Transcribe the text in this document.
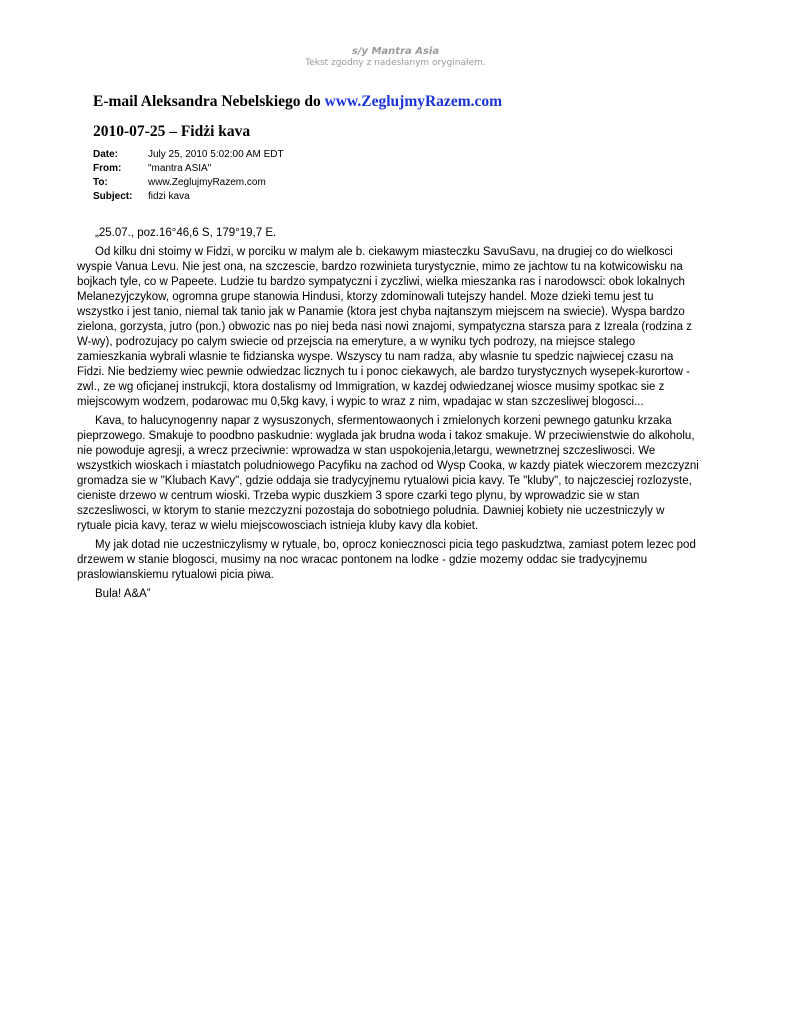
s/y Mantra Asia
Tekst zgodny z nadesłanym oryginałem.
E-mail Aleksandra Nebelskiego do www.ZeglujmyRazem.com
2010-07-25 – Fidżi kava
Date:	July 25, 2010 5:02:00 AM EDT
From:	"mantra ASIA"
To:	www.ZeglujmyRazem.com
Subject:	fidzi kava

„25.07., poz.16°46,6 S, 179°19,7 E.

Od kilku dni stoimy w Fidzi, w porciku w malym ale b. ciekawym miasteczku SavuSavu, na drugiej co do wielkosci wyspie Vanua Levu. Nie jest ona, na szczescie, bardzo rozwinieta turystycznie, mimo ze jachtow tu na kotwicowisku na bojkach tyle, co w Papeete. Ludzie tu bardzo sympatyczni i zyczliwi, wielka mieszanka ras i narodowsci: obok lokalnych Melanezyjczykow, ogromna grupe stanowia Hindusi, ktorzy zdominowali tutejszy handel. Moze dzieki temu jest tu wszystko i jest tanio, niemal tak tanio jak w Panamie (ktora jest chyba najtanszym miejscem na swiecie). Wyspa bardzo zielona, gorzysta, jutro (pon.) obwozic nas po niej beda nasi nowi znajomi, sympatyczna starsza para z Izreala (rodzina z W-wy), podrozujacy po calym swiecie od przejscia na emeryture, a w wyniku tych podrozy, na miejsce stalego zamieszkania wybrali wlasnie te fidzianska wyspe. Wszyscy tu nam radza, aby wlasnie tu spedzic najwiecej czasu na Fidzi. Nie bedziemy wiec pewnie odwiedzac licznych tu i ponoc ciekawych, ale bardzo turystycznych wysepek-kurortow - zwl., ze wg oficjanej instrukcji, ktora dostalismy od Immigration, w kazdej odwiedzanej wiosce musimy spotkac sie z miejscowym wodzem, podarowac mu 0,5kg kavy, i wypic to wraz z nim, wpadajac w stan szczesliwej blogosci...

Kava, to halucynogenny napar z wysuszonych, sfermentowaonych i zmielonych korzeni pewnego gatunku krzaka pieprzowego. Smakuje to poodbno paskudnie: wyglada jak brudna woda i takoz smakuje. W przeciwienstwie do alkoholu, nie powoduje agresji, a wrecz przeciwnie: wprowadza w stan uspokojenia,letargu, wewnetrznej szczesliwosci. We wszystkich wioskach i miastatch poludniowego Pacyfiku na zachod od Wysp Cooka, w kazdy piatek wieczorem mezczyzni gromadza sie w "Klubach Kavy", gdzie oddaja sie tradycyjnemu rytualowi picia kavy. Te "kluby", to najczesciej rozlozyste, cieniste drzewo w centrum wioski. Trzeba wypic duszkiem 3 spore czarki tego plynu, by wprowadzic sie w stan szczesliwosci, w ktorym to stanie mezczyzni pozostaja do sobotniego poludnia. Dawniej kobiety nie uczestniczyly w rytuale picia kavy, teraz w wielu miejscowosciach istnieja kluby kavy dla kobiet.

My jak dotad nie uczestniczylismy w rytuale, bo, oprocz koniecznosci picia tego paskudztwa, zamiast potem lezec pod drzewem w stanie blogosci, musimy na noc wracac pontonem na lodke - gdzie mozemy oddac sie tradycyjnemu praslowianskiemu rytualowi picia piwa.

Bula! A&A”
